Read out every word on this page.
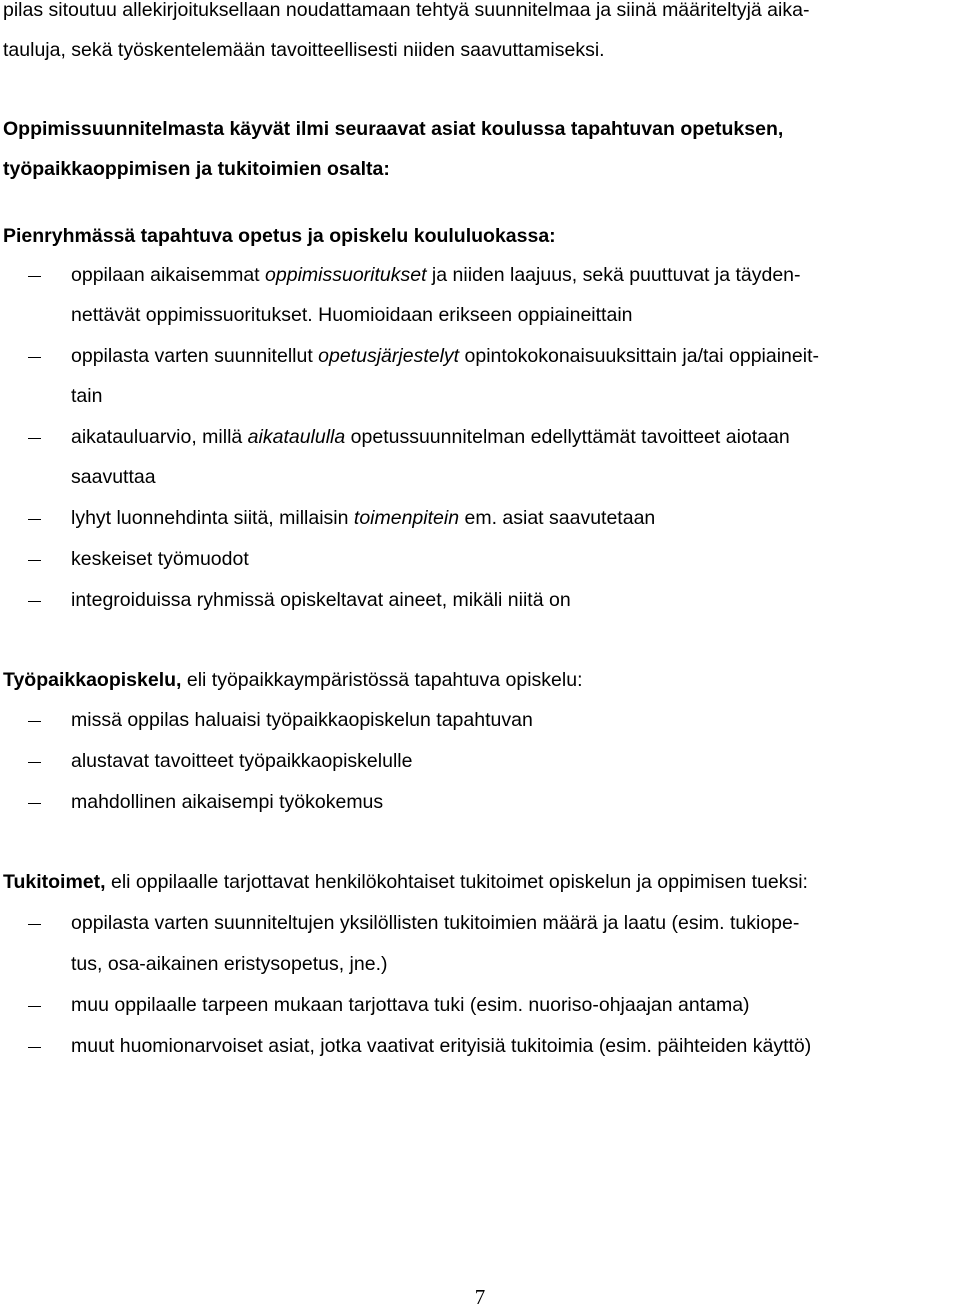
pilas sitoutuu allekirjoituksellaan noudattamaan tehtyä suunnitelmaa ja siinä määriteltyjä aika-
tauluja, sekä työskentelemään tavoitteellisesti niiden saavuttamiseksi.
Oppimissuunnitelmasta käyvät ilmi seuraavat asiat koulussa tapahtuvan opetuksen,
työpaikkaoppimisen ja tukitoimien osalta:
Pienryhmässä tapahtuva opetus ja opiskelu koululuokassa:
oppilaan aikaisemmat oppimissuoritukset ja niiden laajuus, sekä puuttuvat ja täyden-
nettävät oppimissuoritukset. Huomioidaan erikseen oppiaineittain
oppilasta varten suunnitellut opetusjärjestelyt opintokokonaisuuksittain ja/tai oppiaineit-
tain
aikatauluarvio, millä aikataululla opetussuunnitelman edellyttämät tavoitteet aiotaan
saavuttaa
lyhyt luonnehdinta siitä, millaisin toimenpitein em. asiat saavutetaan
keskeiset työmuodot
integroiduissa ryhmissä opiskeltavat aineet, mikäli niitä on
Työpaikkaopiskelu, eli työpaikkaympäristössä tapahtuva opiskelu:
missä oppilas haluaisi työpaikkaopiskelun tapahtuvan
alustavat tavoitteet työpaikkaopiskelulle
mahdollinen aikaisempi työkokemus
Tukitoimet, eli oppilaalle tarjottavat henkilökohtaiset tukitoimet opiskelun ja oppimisen tueksi:
oppilasta varten suunniteltujen yksilöllisten tukitoimien määrä ja laatu (esim. tukiope-
tus, osa-aikainen eristysopetus, jne.)
muu oppilaalle tarpeen mukaan tarjottava tuki (esim. nuoriso-ohjaajan antama)
muut huomionarvoiset asiat, jotka vaativat erityisiä tukitoimia (esim. päihteiden käyttö)
7
